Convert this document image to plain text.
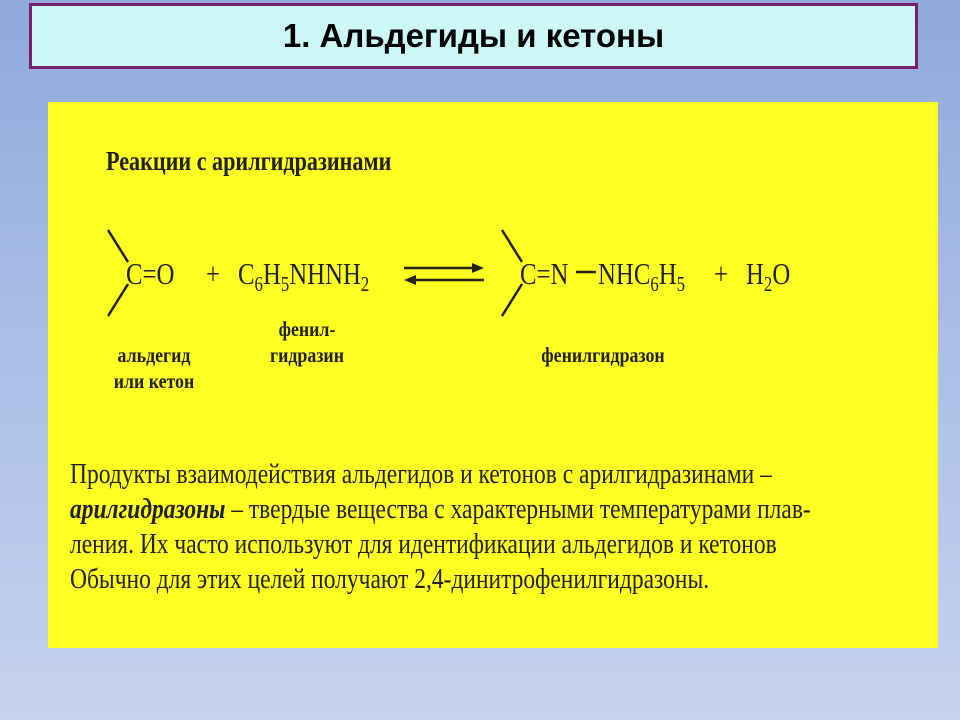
1. Альдегиды и кетоны
Реакции с арилгидразинами
$C=O + C_6H_5NHNH_2$	C=N $NHC_6H_5 + H_2O$
альдегид
или кетон
фенил-
гидразин	фенилгидразон
Продукты взаимодействия альдегидов и кетонов с арилгидразинами –
арилгидразоны – твердые вещества с характерными температурами плав-
ления. Их часто используют для идентификации альдегидов и кетонов
Обычно для этих целей получают 2,4-динитрофенилгидразоны.
